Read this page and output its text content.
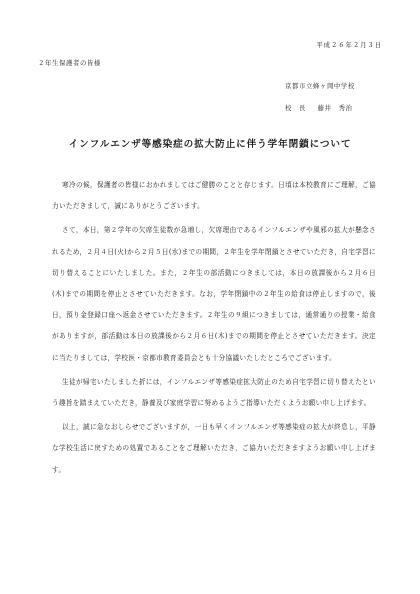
平成２６年２月３日
２年生保護者の皆様
京都市立蜂ヶ岡中学校
校　長 藤井　秀治
インフルエンザ等感染症の拡大防止に伴う学年閉鎖について

寒冷の候，保護者の皆様におかれましてはご健勝のことと存じます。日頃は本校教育にご理解，ご協力いただきまして，誠にありがとうございます。

さて，本日，第２学年の欠席生徒数が急増し，欠席理由であるインフルエンザや風邪の拡大が懸念されるため，２月４日(火)から２月５日(水)までの期間，２年生を学年閉鎖とさせていただき，自宅学習に切り替えることにいたしました。また，２年生の部活動につきましては，本日の放課後から２月６日(木)までの期間を停止とさせていただきます。なお，学年閉鎖中の２年生の給食は停止しますので，後日，預り金登録口座へ返金させていただきます。２年生の９組につきましては，通常通りの授業・給食がありますが，部活動は本日の放課後から２月６日(木)までの期間を停止とさせていただきます。決定に当たりましては，学校医・京都市教育委員会とも十分協議いたしたところでございます。

生徒が帰宅いたしました折には，インフルエンザ等感染症拡大防止のため自宅学習に切り替えたという趣旨を踏まえていただき，静養及び家庭学習に努めるようご指導いただくようお願い申し上げます。

以上，誠に急なおしらせでございますが，一日も早くインフルエンザ等感染症の拡大が終息し，平静な学校生活に戻すための処置であることをご理解いただき，ご協力いただきますようお願い申し上げます。
